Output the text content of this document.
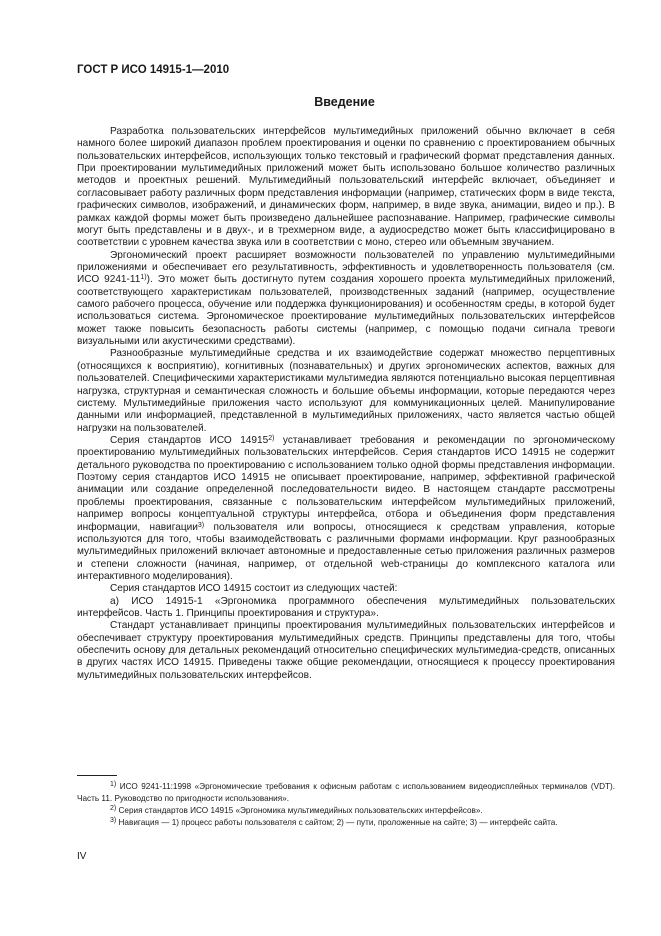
ГОСТ Р ИСО 14915-1—2010
Введение

Разработка пользовательских интерфейсов мультимедийных приложений обычно включает в себя намного более широкий диапазон проблем проектирования и оценки по сравнению с проектированием обычных пользовательских интерфейсов, использующих только текстовый и графический формат представления данных. При проектировании мультимедийных приложений может быть использовано большое количество различных методов и проектных решений. Мультимедийный пользовательский интерфейс включает, объединяет и согласовывает работу различных форм представления информации (например, статических форм в виде текста, графических символов, изображений, и динамических форм, например, в виде звука, анимации, видео и пр.). В рамках каждой формы может быть произведено дальнейшее распознавание. Например, графические символы могут быть представлены и в двух-, и в трехмерном виде, а аудиосредство может быть классифицировано в соответствии с уровнем качества звука или в соответствии с моно, стерео или объемным звучанием.

Эргономический проект расширяет возможности пользователей по управлению мультимедийными приложениями и обеспечивает его результативность, эффективность и удовлетворенность пользователя (см. ИСО 9241-11$^{1)}$). Это может быть достигнуто путем создания хорошего проекта мультимедийных приложений, соответствующего характеристикам пользователей, производственных заданий (например, осуществление самого рабочего процесса, обучение или поддержка функционирования) и особенностям среды, в которой будет использоваться система. Эргономическое проектирование мультимедийных пользовательских интерфейсов может также повысить безопасность работы системы (например, с помощью подачи сигнала тревоги визуальными или акустическими средствами).

Разнообразные мультимедийные средства и их взаимодействие содержат множество перцептивных (относящихся к восприятию), когнитивных (познавательных) и других эргономических аспектов, важных для пользователей. Специфическими характеристиками мультимедиа являются потенциально высокая перцептивная нагрузка, структурная и семантическая сложность и большие объемы информации, которые передаются через систему. Мультимедийные приложения часто используют для коммуникационных целей. Манипулирование данными или информацией, представленной в мультимедийных приложениях, часто является частью общей нагрузки на пользователей.

Серия стандартов ИСО 14915$^{2)}$ устанавливает требования и рекомендации по эргономическому проектированию мультимедийных пользовательских интерфейсов. Серия стандартов ИСО 14915 не содержит детального руководства по проектированию с использованием только одной формы представления информации. Поэтому серия стандартов ИСО 14915 не описывает проектирование, например, эффективной графической анимации или создание определенной последовательности видео. В настоящем стандарте рассмотрены проблемы проектирования, связанные с пользовательским интерфейсом мультимедийных приложений, например вопросы концептуальной структуры интерфейса, отбора и объединения форм представления информации, навигации$^{3)}$ пользователя или вопросы, относящиеся к средствам управления, которые используются для того, чтобы взаимодействовать с различными формами информации. Круг разнообразных мультимедийных приложений включает автономные и предоставленные сетью приложения различных размеров и степени сложности (начиная, например, от отдельной web-страницы до комплексного каталога или интерактивного моделирования).

Серия стандартов ИСО 14915 состоит из следующих частей:

а) ИСО 14915-1 «Эргономика программного обеспечения мультимедийных пользовательских интерфейсов. Часть 1. Принципы проектирования и структура».

Стандарт устанавливает принципы проектирования мультимедийных пользовательских интерфейсов и обеспечивает структуру проектирования мультимедийных средств. Принципы представлены для того, чтобы обеспечить основу для детальных рекомендаций относительно специфических мультимедиа-средств, описанных в других частях ИСО 14915. Приведены также общие рекомендации, относящиеся к процессу проектирования мультимедийных пользовательских интерфейсов.

$^{1)}$ ИСО 9241-11:1998 «Эргономические требования к офисным работам с использованием видеодисплейных терминалов (VDT). Часть 11. Руководство по пригодности использования».

$^{2)}$ Серия стандартов ИСО 14915 «Эргономика мультимедийных пользовательских интерфейсов».

$^{3)}$ Навигация — 1) процесс работы пользователя с сайтом; 2) — пути, проложенные на сайте; 3) — интерфейс сайта.

IV
